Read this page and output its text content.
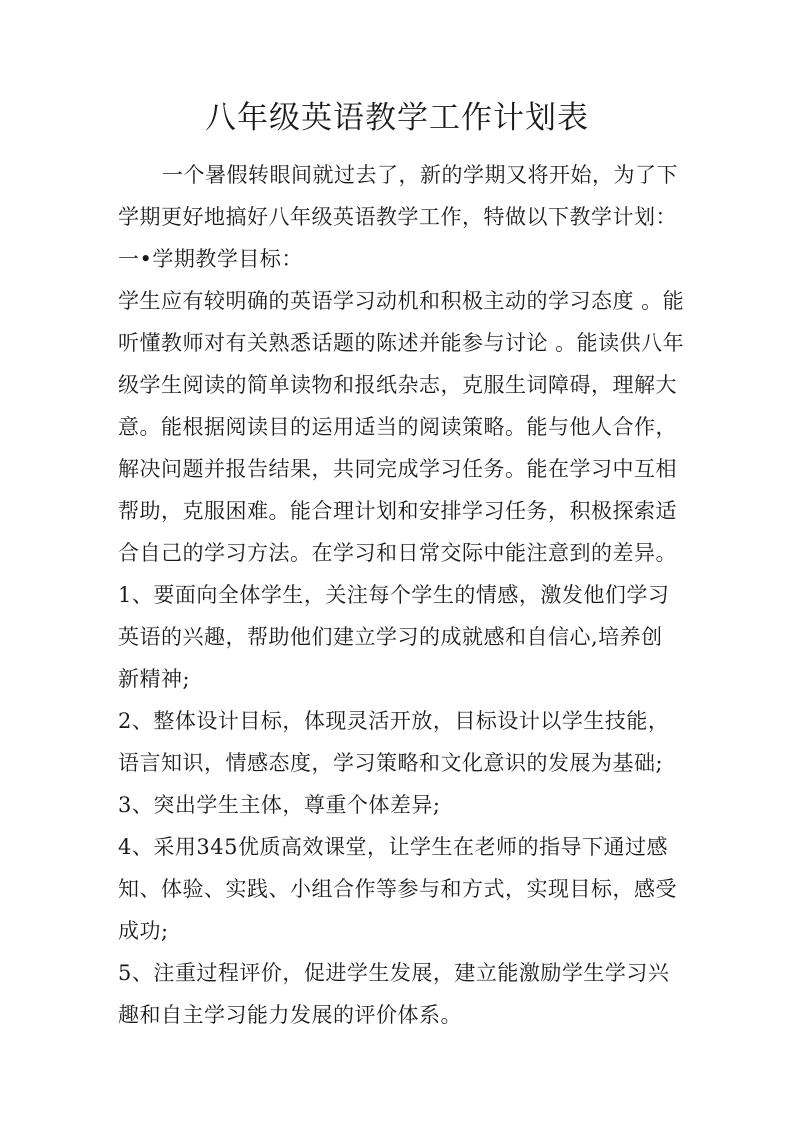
八年级英语教学工作计划表
一个暑假转眼间就过去了，新的学期又将开始，为了下
学期更好地搞好八年级英语教学工作，特做以下教学计划：
一•学期教学目标：
学生应有较明确的英语学习动机和积极主动的学习态度 。能
听懂教师对有关熟悉话题的陈述并能参与讨论 。能读供八年
级学生阅读的简单读物和报纸杂志，克服生词障碍，理解大
意。能根据阅读目的运用适当的阅读策略。能与他人合作，
解决问题并报告结果，共同完成学习任务。能在学习中互相
帮助，克服困难。能合理计划和安排学习任务，积极探索适
合自己的学习方法。在学习和日常交际中能注意到的差异。
1、要面向全体学生，关注每个学生的情感，激发他们学习
英语的兴趣，帮助他们建立学习的成就感和自信心,培养创
新精神;
2、整体设计目标，体现灵活开放，目标设计以学生技能，
语言知识，情感态度，学习策略和文化意识的发展为基础;
3、突出学生主体，尊重个体差异;
4、采用345优质高效课堂，让学生在老师的指导下通过感
知、体验、实践、小组合作等参与和方式，实现目标，感受
成功;
5、注重过程评价，促进学生发展，建立能激励学生学习兴
趣和自主学习能力发展的评价体系。
